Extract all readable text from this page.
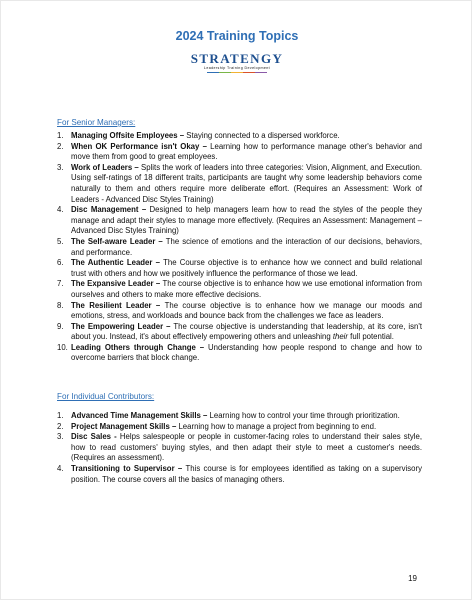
2024 Training Topics
STRATENGY
Leadership Training Development
For Senior Managers:
1. Managing Offsite Employees – Staying connected to a dispersed workforce.
2. When OK Performance isn't Okay – Learning how to performance manage other's behavior and move them from good to great employees.
3. Work of Leaders – Splits the work of leaders into three categories: Vision, Alignment, and Execution. Using self-ratings of 18 different traits, participants are taught why some leadership behaviors come naturally to them and others require more deliberate effort. (Requires an Assessment: Work of Leaders - Advanced Disc Styles Training)
4. Disc Management – Designed to help managers learn how to read the styles of the people they manage and adapt their styles to manage more effectively. (Requires an Assessment: Management – Advanced Disc Styles Training)
5. The Self-aware Leader – The science of emotions and the interaction of our decisions, behaviors, and performance.
6. The Authentic Leader – The Course objective is to enhance how we connect and build relational trust with others and how we positively influence the performance of those we lead.
7. The Expansive Leader – The course objective is to enhance how we use emotional information from ourselves and others to make more effective decisions.
8. The Resilient Leader – The course objective is to enhance how we manage our moods and emotions, stress, and workloads and bounce back from the challenges we face as leaders.
9. The Empowering Leader – The course objective is understanding that leadership, at its core, isn't about you. Instead, it's about effectively empowering others and unleashing their full potential.
10. Leading Others through Change – Understanding how people respond to change and how to overcome barriers that block change.
For Individual Contributors:
1. Advanced Time Management Skills – Learning how to control your time through prioritization.
2. Project Management Skills – Learning how to manage a project from beginning to end.
3. Disc Sales - Helps salespeople or people in customer-facing roles to understand their sales style, how to read customers' buying styles, and then adapt their style to meet a customer's needs. (Requires an assessment).
4. Transitioning to Supervisor – This course is for employees identified as taking on a supervisory position. The course covers all the basics of managing others.
19
